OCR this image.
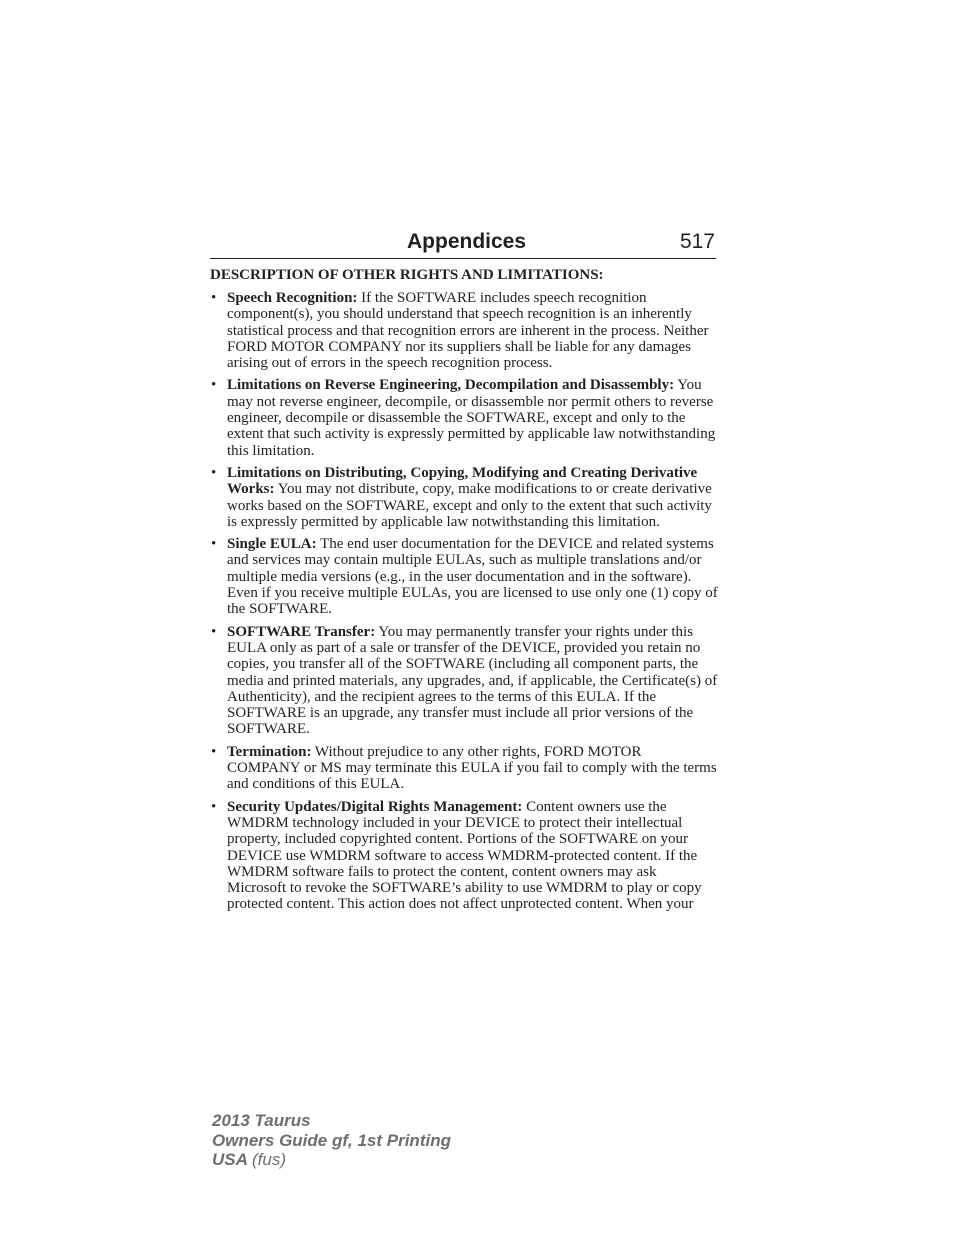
Appendices	517
DESCRIPTION OF OTHER RIGHTS AND LIMITATIONS:
• Speech Recognition: If the SOFTWARE includes speech recognition component(s), you should understand that speech recognition is an inherently statistical process and that recognition errors are inherent in the process. Neither FORD MOTOR COMPANY nor its suppliers shall be liable for any damages arising out of errors in the speech recognition process.
• Limitations on Reverse Engineering, Decompilation and Disassembly: You may not reverse engineer, decompile, or disassemble nor permit others to reverse engineer, decompile or disassemble the SOFTWARE, except and only to the extent that such activity is expressly permitted by applicable law notwithstanding this limitation.
• Limitations on Distributing, Copying, Modifying and Creating Derivative Works: You may not distribute, copy, make modifications to or create derivative works based on the SOFTWARE, except and only to the extent that such activity is expressly permitted by applicable law notwithstanding this limitation.
• Single EULA: The end user documentation for the DEVICE and related systems and services may contain multiple EULAs, such as multiple translations and/or multiple media versions (e.g., in the user documentation and in the software). Even if you receive multiple EULAs, you are licensed to use only one (1) copy of the SOFTWARE.
• SOFTWARE Transfer: You may permanently transfer your rights under this EULA only as part of a sale or transfer of the DEVICE, provided you retain no copies, you transfer all of the SOFTWARE (including all component parts, the media and printed materials, any upgrades, and, if applicable, the Certificate(s) of Authenticity), and the recipient agrees to the terms of this EULA. If the SOFTWARE is an upgrade, any transfer must include all prior versions of the SOFTWARE.
• Termination: Without prejudice to any other rights, FORD MOTOR COMPANY or MS may terminate this EULA if you fail to comply with the terms and conditions of this EULA.
• Security Updates/Digital Rights Management: Content owners use the WMDRM technology included in your DEVICE to protect their intellectual property, included copyrighted content. Portions of the SOFTWARE on your DEVICE use WMDRM software to access WMDRM-protected content. If the WMDRM software fails to protect the content, content owners may ask Microsoft to revoke the SOFTWARE’s ability to use WMDRM to play or copy protected content. This action does not affect unprotected content. When your
2013 Taurus
Owners Guide gf, 1st Printing
USA (fus)
